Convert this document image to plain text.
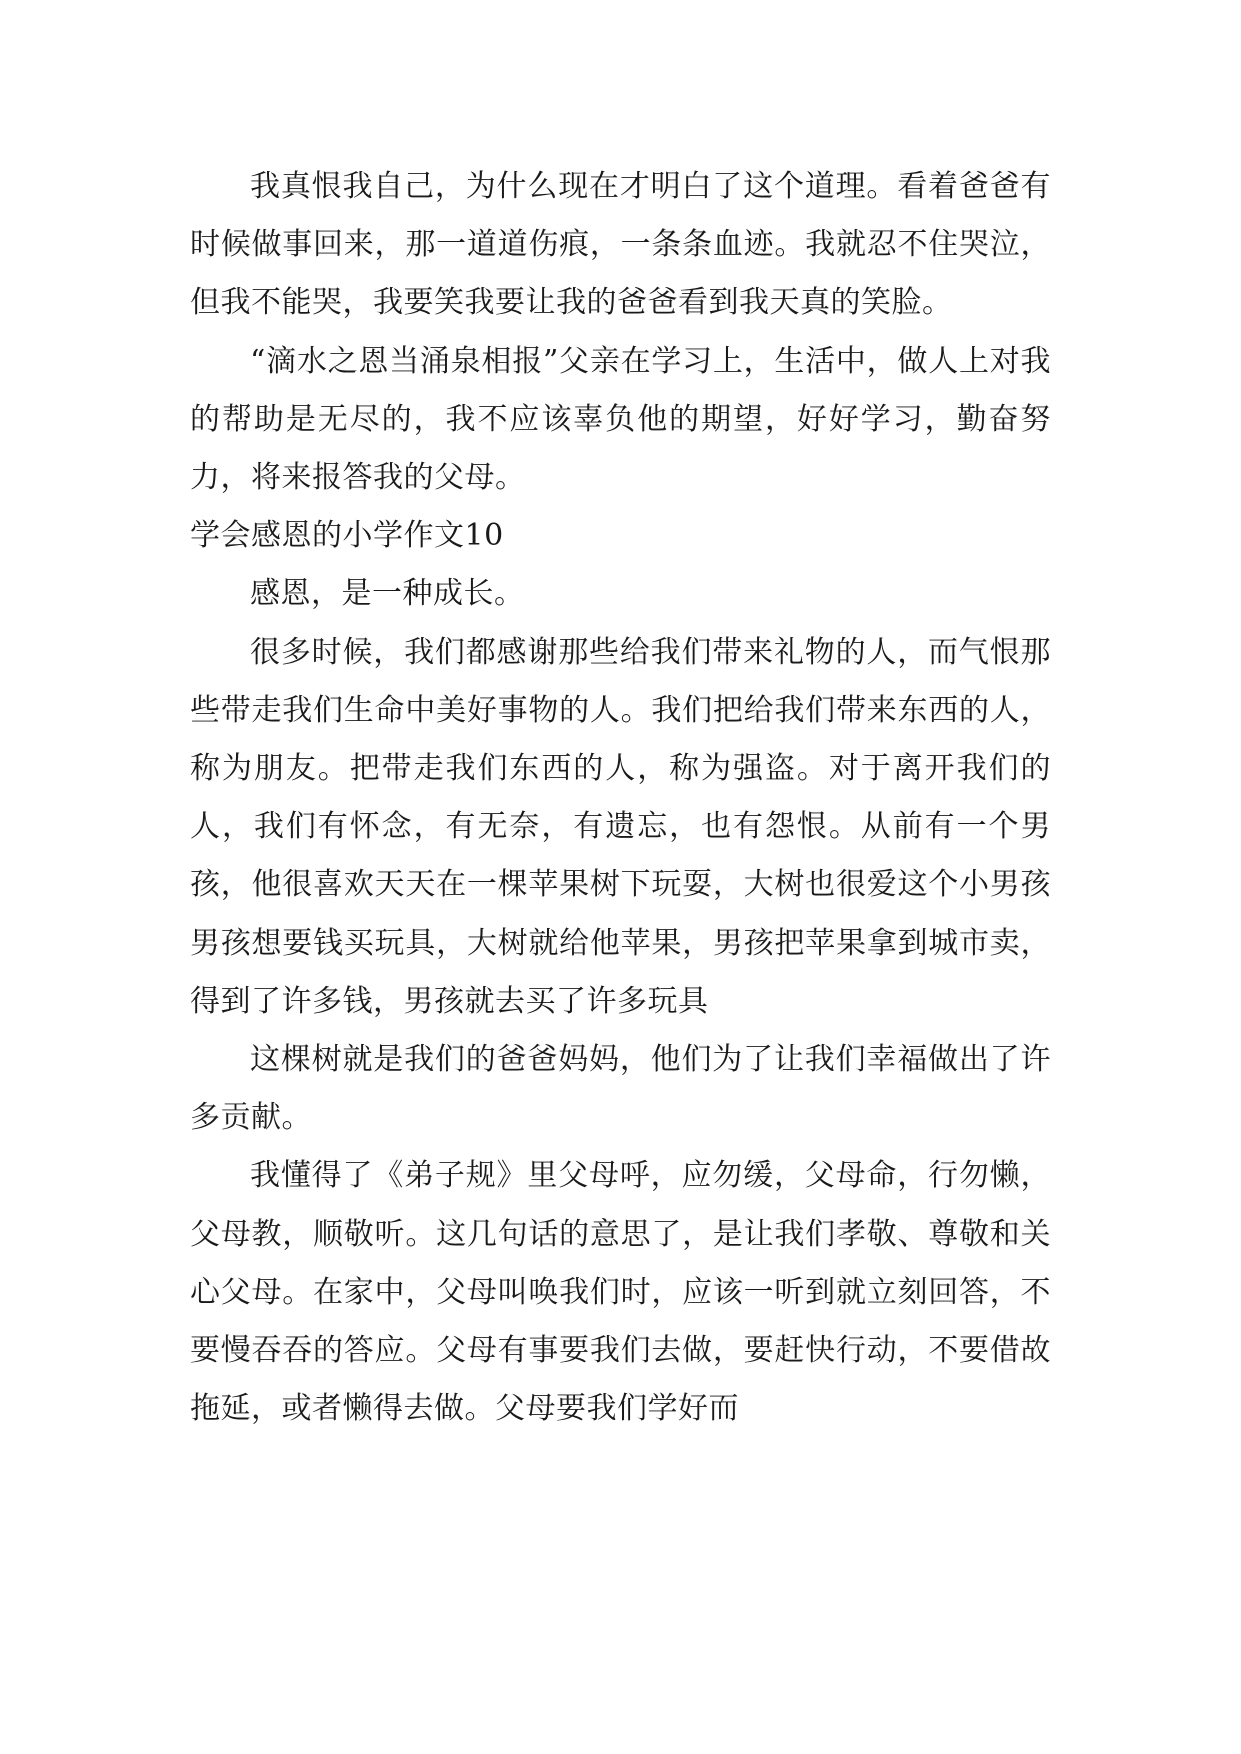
我真恨我自己，为什么现在才明白了这个道理。看着爸爸有时候做事回来，那一道道伤痕，一条条血迹。我就忍不住哭泣，但我不能哭，我要笑我要让我的爸爸看到我天真的笑脸。

“滴水之恩当涌泉相报”父亲在学习上，生活中，做人上对我的帮助是无尽的，我不应该辜负他的期望，好好学习，勤奋努力，将来报答我的父母。

学会感恩的小学作文10

感恩，是一种成长。

很多时候，我们都感谢那些给我们带来礼物的人，而气恨那些带走我们生命中美好事物的人。我们把给我们带来东西的人，称为朋友。把带走我们东西的人，称为强盗。对于离开我们的人，我们有怀念，有无奈，有遗忘，也有怨恨。从前有一个男孩，他很喜欢天天在一棵苹果树下玩耍，大树也很爱这个小男孩男孩想要钱买玩具，大树就给他苹果，男孩把苹果拿到城市卖，得到了许多钱，男孩就去买了许多玩具

这棵树就是我们的爸爸妈妈，他们为了让我们幸福做出了许多贡献。

我懂得了《弟子规》里父母呼，应勿缓，父母命，行勿懒，父母教，顺敬听。这几句话的意思了，是让我们孝敬、尊敬和关心父母。在家中，父母叫唤我们时，应该一听到就立刻回答，不要慢吞吞的答应。父母有事要我们去做，要赶快行动，不要借故拖延，或者懒得去做。父母要我们学好而
